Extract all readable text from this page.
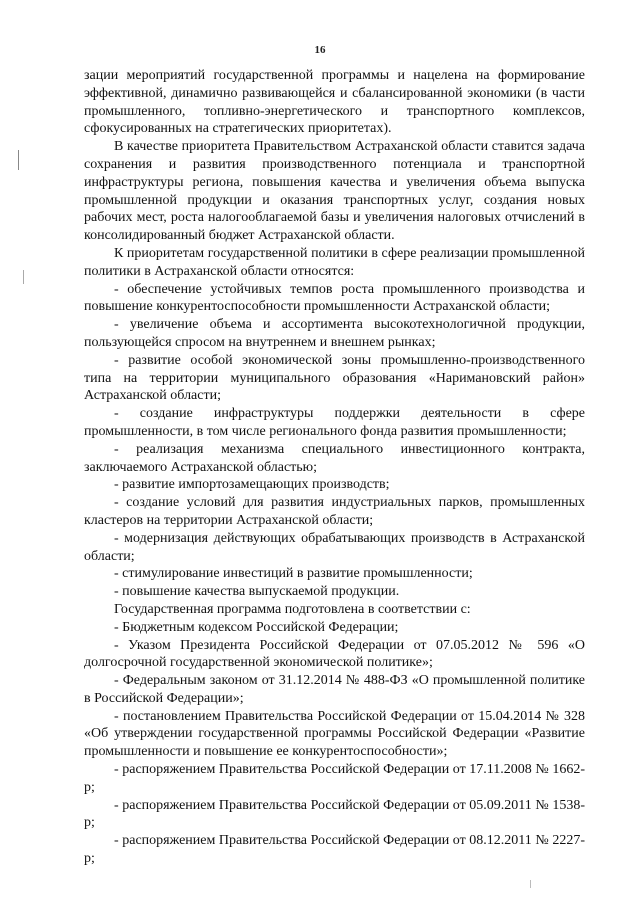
16

зации мероприятий государственной программы и нацелена на формирование эффективной, динамично развивающейся и сбалансированной экономики (в части промышленного, топливно-энергетического и транспортного комплексов, сфокусированных на стратегических приоритетах).

В качестве приоритета Правительством Астраханской области ставится задача сохранения и развития производственного потенциала и транспортной инфраструктуры региона, повышения качества и увеличения объема выпуска промышленной продукции и оказания транспортных услуг, создания новых рабочих мест, роста налогооблагаемой базы и увеличения налоговых отчислений в консолидированный бюджет Астраханской области.

К приоритетам государственной политики в сфере реализации промышленной политики в Астраханской области относятся:

- обеспечение устойчивых темпов роста промышленного производства и повышение конкурентоспособности промышленности Астраханской области;

- увеличение объема и ассортимента высокотехнологичной продукции, пользующейся спросом на внутреннем и внешнем рынках;

- развитие особой экономической зоны промышленно-производственного типа на территории муниципального образования «Наримановский район» Астраханской области;

- создание инфраструктуры поддержки деятельности в сфере промышленности, в том числе регионального фонда развития промышленности;

- реализация механизма специального инвестиционного контракта, заключаемого Астраханской областью;

- развитие импортозамещающих производств;

- создание условий для развития индустриальных парков, промышленных кластеров на территории Астраханской области;

- модернизация действующих обрабатывающих производств в Астраханской области;

- стимулирование инвестиций в развитие промышленности;

- повышение качества выпускаемой продукции.

Государственная программа подготовлена в соответствии с:

- Бюджетным кодексом Российской Федерации;

- Указом Президента Российской Федерации от 07.05.2012 № 596 «О долгосрочной государственной экономической политике»;

- Федеральным законом от 31.12.2014 № 488-ФЗ «О промышленной политике в Российской Федерации»;

- постановлением Правительства Российской Федерации от 15.04.2014 № 328 «Об утверждении государственной программы Российской Федерации «Развитие промышленности и повышение ее конкурентоспособности»;

- распоряжением Правительства Российской Федерации от 17.11.2008 № 1662-р;

- распоряжением Правительства Российской Федерации от 05.09.2011 № 1538-р;

- распоряжением Правительства Российской Федерации от 08.12.2011 № 2227-р;
